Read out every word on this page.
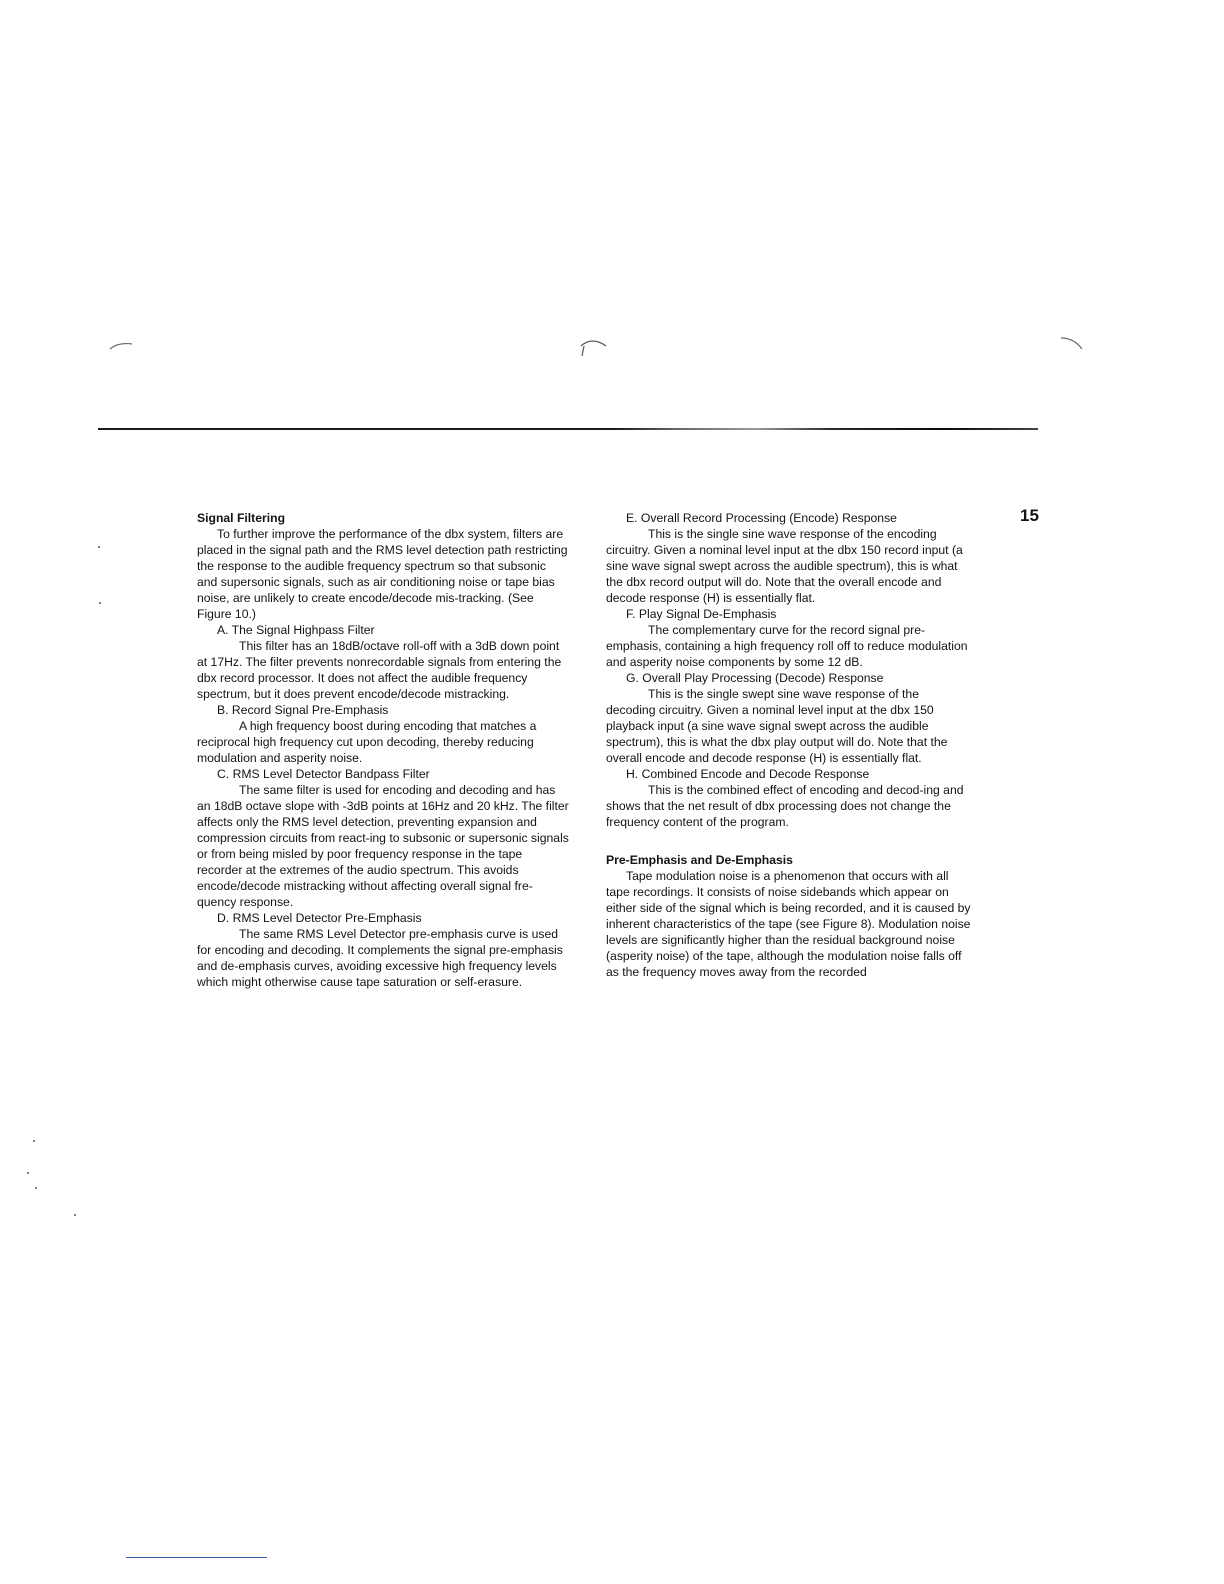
15

Signal Filtering

To further improve the performance of the dbx system, filters are placed in the signal path and the RMS level detection path restricting the response to the audible frequency spectrum so that subsonic and supersonic signals, such as air conditioning noise or tape bias noise, are unlikely to create encode/decode mis-tracking. (See Figure 10.)

A. The Signal Highpass Filter

This filter has an 18dB/octave roll-off with a 3dB down point at 17Hz. The filter prevents nonrecordable signals from entering the dbx record processor. It does not affect the audible frequency spectrum, but it does prevent encode/decode mistracking.

B. Record Signal Pre-Emphasis

A high frequency boost during encoding that matches a reciprocal high frequency cut upon decoding, thereby reducing modulation and asperity noise.

C. RMS Level Detector Bandpass Filter

The same filter is used for encoding and decoding and has an 18dB octave slope with -3dB points at 16Hz and 20 kHz. The filter affects only the RMS level detection, preventing expansion and compression circuits from react-ing to subsonic or supersonic signals or from being misled by poor frequency response in the tape recorder at the extremes of the audio spectrum. This avoids encode/decode mistracking without affecting overall signal fre-quency response.

D. RMS Level Detector Pre-Emphasis

The same RMS Level Detector pre-emphasis curve is used for encoding and decoding. It complements the signal pre-emphasis and de-emphasis curves, avoiding excessive high frequency levels which might otherwise cause tape saturation or self-erasure.

E. Overall Record Processing (Encode) Response

This is the single sine wave response of the encoding circuitry. Given a nominal level input at the dbx 150 record input (a sine wave signal swept across the audible spectrum), this is what the dbx record output will do. Note that the overall encode and decode response (H) is essentially flat.

F. Play Signal De-Emphasis

The complementary curve for the record signal pre-emphasis, containing a high frequency roll off to reduce modulation and asperity noise components by some 12 dB.

G. Overall Play Processing (Decode) Response

This is the single swept sine wave response of the decoding circuitry. Given a nominal level input at the dbx 150 playback input (a sine wave signal swept across the audible spectrum), this is what the dbx play output will do. Note that the overall encode and decode response (H) is essentially flat.

H. Combined Encode and Decode Response

This is the combined effect of encoding and decod-ing and shows that the net result of dbx processing does not change the frequency content of the program.

Pre-Emphasis and De-Emphasis

Tape modulation noise is a phenomenon that occurs with all tape recordings. It consists of noise sidebands which appear on either side of the signal which is being recorded, and it is caused by inherent characteristics of the tape (see Figure 8). Modulation noise levels are significantly higher than the residual background noise (asperity noise) of the tape, although the modulation noise falls off as the frequency moves away from the recorded
